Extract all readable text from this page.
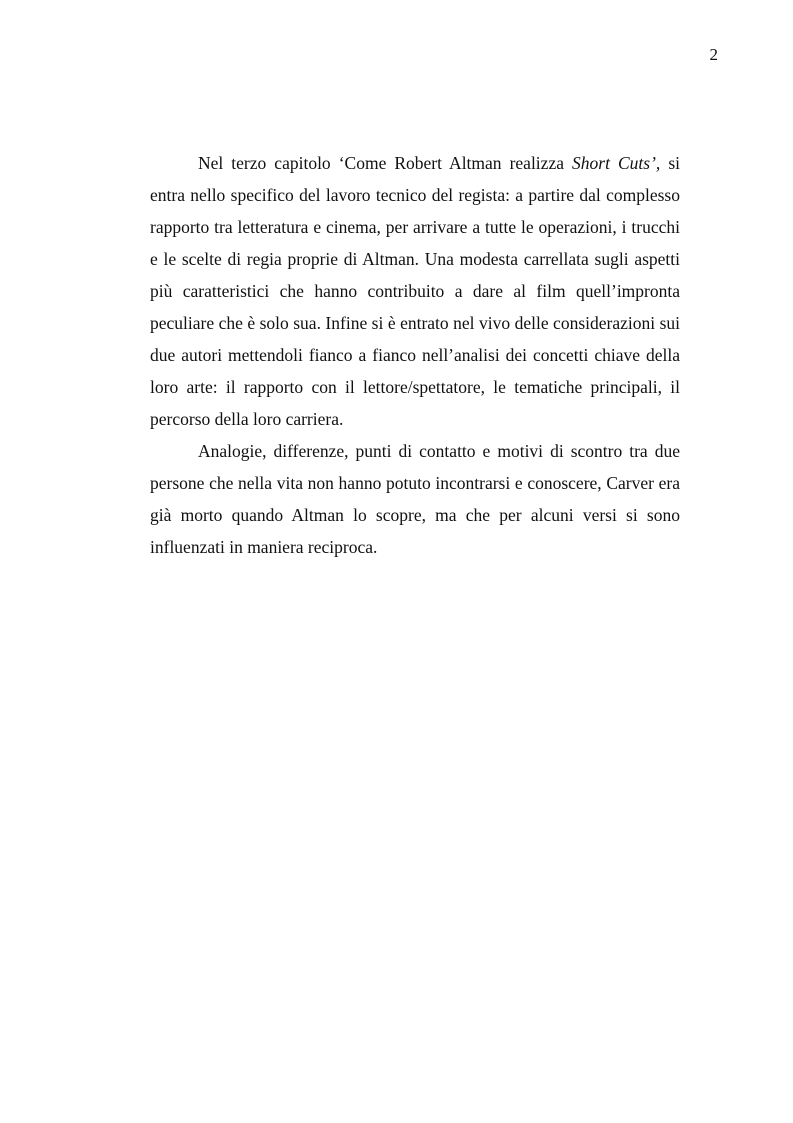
2

Nel terzo capitolo ‘Come Robert Altman realizza Short Cuts’, si entra nello specifico del lavoro tecnico del regista: a partire dal complesso rapporto tra letteratura e cinema, per arrivare a tutte le operazioni, i trucchi e le scelte di regia proprie di Altman. Una modesta carrellata sugli aspetti più caratteristici che hanno contribuito a dare al film quell’impronta peculiare che è solo sua. Infine si è entrato nel vivo delle considerazioni sui due autori mettendoli fianco a fianco nell’analisi dei concetti chiave della loro arte: il rapporto con il lettore/spettatore, le tematiche principali, il percorso della loro carriera.

Analogie, differenze, punti di contatto e motivi di scontro tra due persone che nella vita non hanno potuto incontrarsi e conoscere, Carver era già morto quando Altman lo scopre, ma che per alcuni versi si sono influenzati in maniera reciproca.
